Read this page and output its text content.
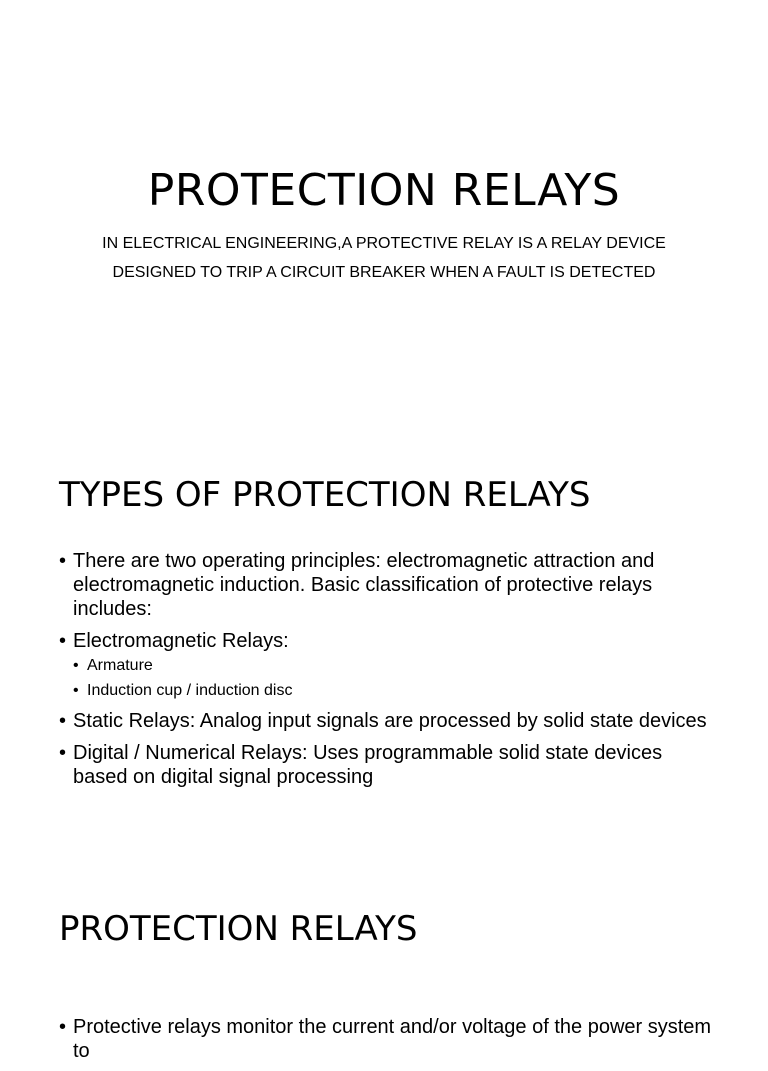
PROTECTION RELAYS

IN ELECTRICAL ENGINEERING,A PROTECTIVE RELAY IS A RELAY DEVICE
DESIGNED TO TRIP A CIRCUIT BREAKER WHEN A FAULT IS DETECTED

TYPES OF PROTECTION RELAYS
• There are two operating principles: electromagnetic attraction and electromagnetic induction. Basic classification of protective relays includes:
• Electromagnetic Relays:
• Armature
• Induction cup / induction disc
• Static Relays: Analog input signals are processed by solid state devices
• Digital / Numerical Relays: Uses programmable solid state devices based on digital signal processing
PROTECTION RELAYS
• Protective relays monitor the current and/or voltage of the power system to
